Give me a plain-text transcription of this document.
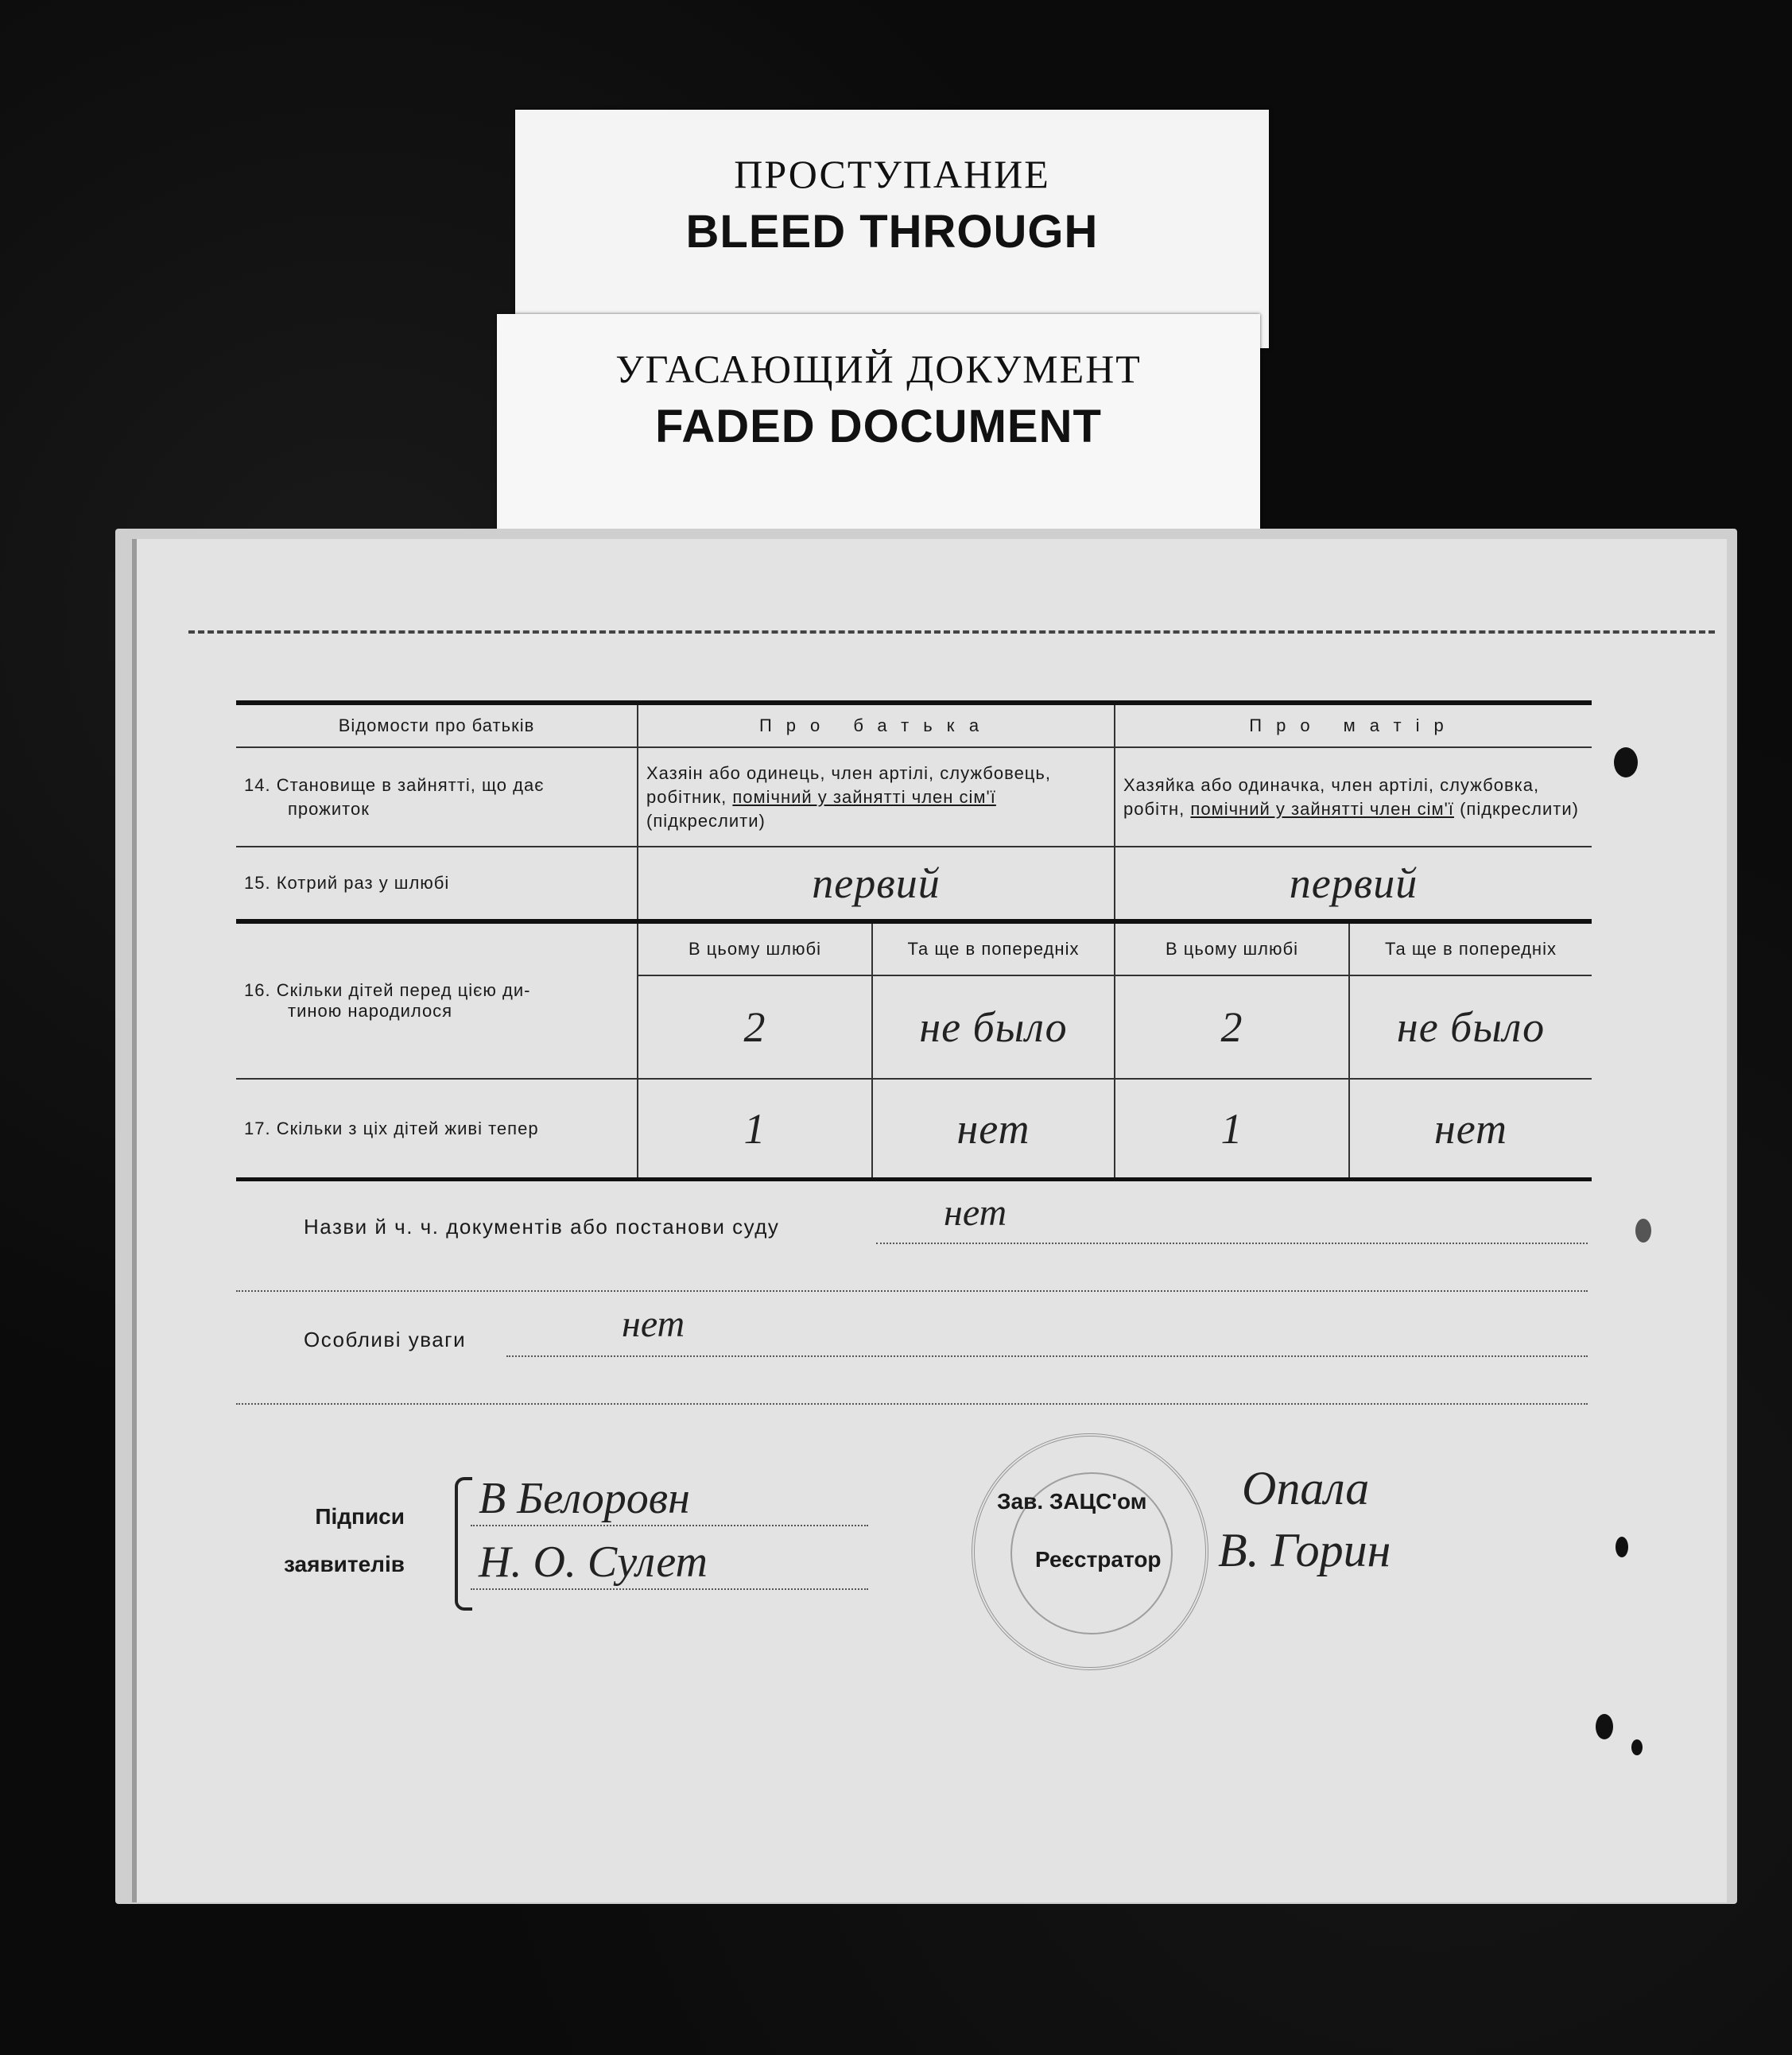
ПРОСТУПАНИЕ
BLEED THROUGH
УГАСАЮЩИЙ ДОКУМЕНТ
FADED DOCUMENT
Відомости про батьків	Про батька		Про матір	

14. Становище в зайнятті, що дає
прожиток	Хазяін або одинець, член артілі, службовець, робітник, помічний у зайнятті член сім'ї (підкреслити)		Хазяйка або одиначка, член артілі, службовка, робітн, помічний у зайнятті член сім'ї (підкреслити)	
15. Котрий раз у шлюбі	первий		первий	

16. Скільки дітей перед цією ди-
тиною народилося	В цьому шлюбі	Та ще в попередніх	В цьому шлюбі	Та ще в попередніх
	2	не было	2	не было
17. Скільки з ціх дітей живі тепер	1	нет	1	нет
Назви й ч. ч. документів або постанови суду	нет
Особливі уваги	нет
Підписи
заявителів
В Белоровн
Н. О. Сулет
Зав. ЗАЦС'ом Опала
Реєстратор В. Горин
